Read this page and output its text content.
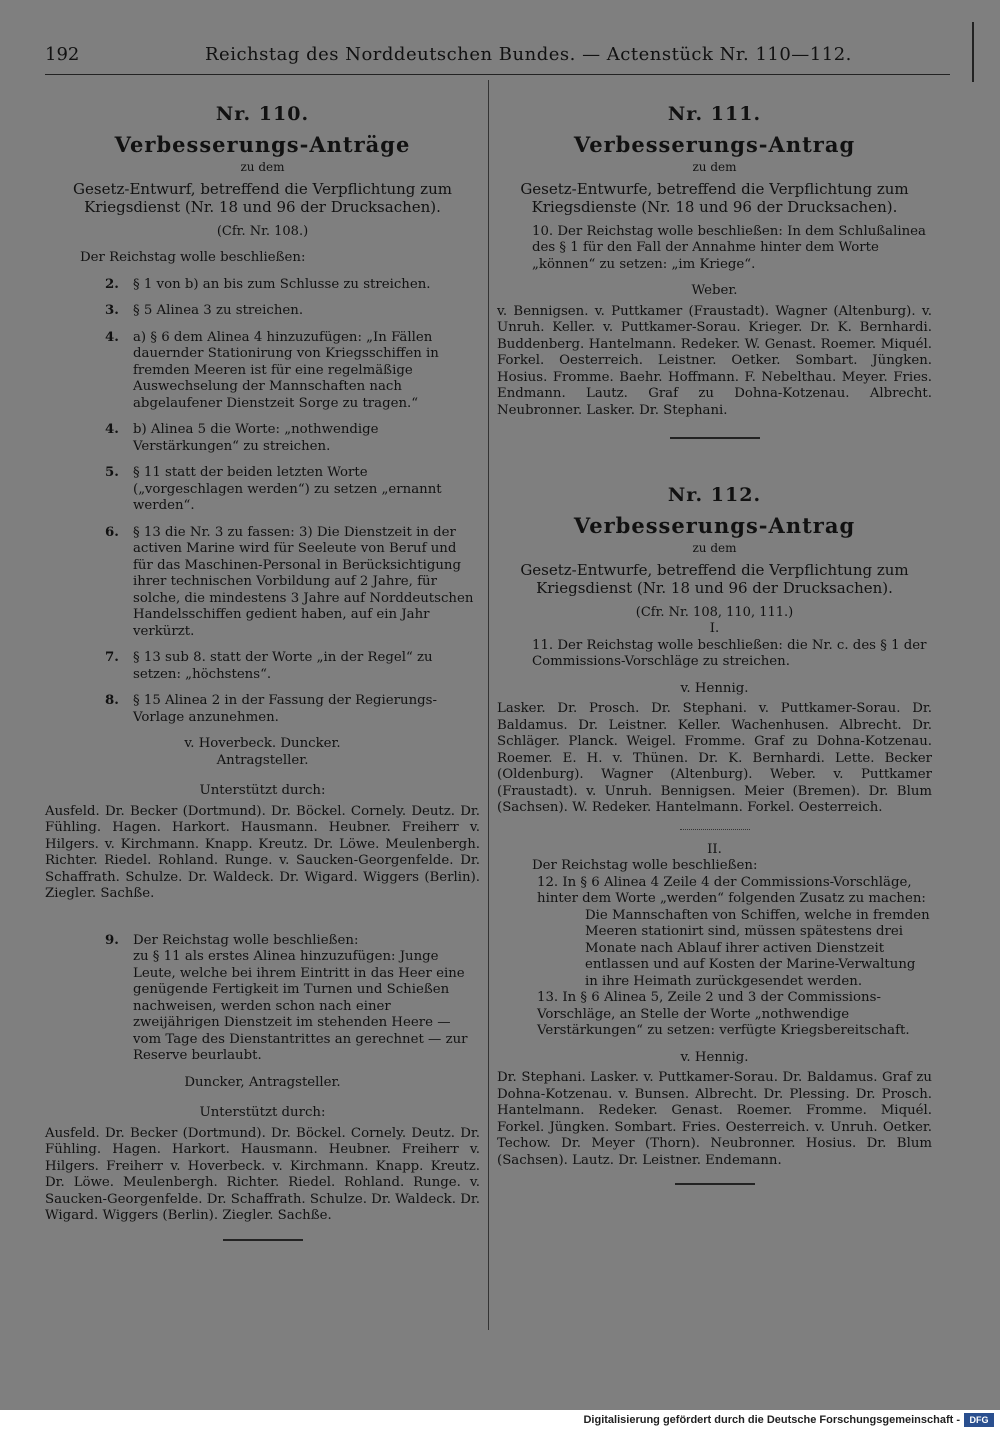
192	Reichstag des Norddeutschen Bundes. — Actenstück Nr. 110—112.
Nr. 110.
Verbesserungs-Anträge
zu dem
Gesetz-Entwurf, betreffend die Verpflichtung zum Kriegsdienst (Nr. 18 und 96 der Drucksachen).
(Cfr. Nr. 108.)
Der Reichstag wolle beschließen:
2. § 1 von b) an bis zum Schlusse zu streichen.
3. § 5 Alinea 3 zu streichen.
4. a) § 6 dem Alinea 4 hinzuzufügen: „In Fällen dauernder Stationirung von Kriegsschiffen in fremden Meeren ist für eine regelmäßige Auswechselung der Mannschaften nach abgelaufener Dienstzeit Sorge zu tragen.“
4. b) Alinea 5 die Worte: „nothwendige Verstärkungen“ zu streichen.
5. § 11 statt der beiden letzten Worte („vorgeschlagen werden“) zu setzen „ernannt werden“.
6. § 13 die Nr. 3 zu fassen: 3) Die Dienstzeit in der activen Marine wird für Seeleute von Beruf und für das Maschinen-Personal in Berücksichtigung ihrer technischen Vorbildung auf 2 Jahre, für solche, die mindestens 3 Jahre auf Norddeutschen Handelsschiffen gedient haben, auf ein Jahr verkürzt.
7. § 13 sub 8. statt der Worte „in der Regel“ zu setzen: „höchstens“.
8. § 15 Alinea 2 in der Fassung der Regierungs-Vorlage anzunehmen.
v. Hoverbeck. Duncker.
Antragsteller.
Unterstützt durch:
Ausfeld. Dr. Becker (Dortmund). Dr. Böckel. Cornely. Deutz. Dr. Fühling. Hagen. Harkort. Hausmann. Heubner. Freiherr v. Hilgers. v. Kirchmann. Knapp. Kreutz. Dr. Löwe. Meulenbergh. Richter. Riedel. Rohland. Runge. v. Saucken-Georgenfelde. Dr. Schaffrath. Schulze. Dr. Waldeck. Dr. Wigard. Wiggers (Berlin). Ziegler. Sachße.
9. Der Reichstag wolle beschließen:
zu § 11 als erstes Alinea hinzuzufügen: Junge Leute, welche bei ihrem Eintritt in das Heer eine genügende Fertigkeit im Turnen und Schießen nachweisen, werden schon nach einer zweijährigen Dienstzeit im stehenden Heere — vom Tage des Dienstantrittes an gerechnet — zur Reserve beurlaubt.
Duncker, Antragsteller.
Unterstützt durch:
Ausfeld. Dr. Becker (Dortmund). Dr. Böckel. Cornely. Deutz. Dr. Fühling. Hagen. Harkort. Hausmann. Heubner. Freiherr v. Hilgers. Freiherr v. Hoverbeck. v. Kirchmann. Knapp. Kreutz. Dr. Löwe. Meulenbergh. Richter. Riedel. Rohland. Runge. v. Saucken-Georgenfelde. Dr. Schaffrath. Schulze. Dr. Waldeck. Dr. Wigard. Wiggers (Berlin). Ziegler. Sachße.
Nr. 111.
Verbesserungs-Antrag
zu dem
Gesetz-Entwurfe, betreffend die Verpflichtung zum Kriegsdienste (Nr. 18 und 96 der Drucksachen).
10. Der Reichstag wolle beschließen: In dem Schlußalinea des § 1 für den Fall der Annahme hinter dem Worte „können“ zu setzen: „im Kriege“.
Weber.
v. Bennigsen. v. Puttkamer (Fraustadt). Wagner (Altenburg). v. Unruh. Keller. v. Puttkamer-Sorau. Krieger. Dr. K. Bernhardi. Buddenberg. Hantelmann. Redeker. W. Genast. Roemer. Miquél. Forkel. Oesterreich. Leistner. Oetker. Sombart. Jüngken. Hosius. Fromme. Baehr. Hoffmann. F. Nebelthau. Meyer. Fries. Endmann. Lautz. Graf zu Dohna-Kotzenau. Albrecht. Neubronner. Lasker. Dr. Stephani.
Nr. 112.
Verbesserungs-Antrag
zu dem
Gesetz-Entwurfe, betreffend die Verpflichtung zum Kriegsdienst (Nr. 18 und 96 der Drucksachen).
(Cfr. Nr. 108, 110, 111.)
I.
11. Der Reichstag wolle beschließen: die Nr. c. des § 1 der Commissions-Vorschläge zu streichen.
v. Hennig.
Lasker. Dr. Prosch. Dr. Stephani. v. Puttkamer-Sorau. Dr. Baldamus. Dr. Leistner. Keller. Wachenhusen. Albrecht. Dr. Schläger. Planck. Weigel. Fromme. Graf zu Dohna-Kotzenau. Roemer. E. H. v. Thünen. Dr. K. Bernhardi. Lette. Becker (Oldenburg). Wagner (Altenburg). Weber. v. Puttkamer (Fraustadt). v. Unruh. Bennigsen. Meier (Bremen). Dr. Blum (Sachsen). W. Redeker. Hantelmann. Forkel. Oesterreich.
II.
Der Reichstag wolle beschließen:
12. In § 6 Alinea 4 Zeile 4 der Commissions-Vorschläge, hinter dem Worte „werden“ folgenden Zusatz zu machen:
Die Mannschaften von Schiffen, welche in fremden Meeren stationirt sind, müssen spätestens drei Monate nach Ablauf ihrer activen Dienstzeit entlassen und auf Kosten der Marine-Verwaltung in ihre Heimath zurückgesendet werden.
13. In § 6 Alinea 5, Zeile 2 und 3 der Commissions-Vorschläge, an Stelle der Worte „nothwendige Verstärkungen“ zu setzen: verfügte Kriegsbereitschaft.
v. Hennig.
Dr. Stephani. Lasker. v. Puttkamer-Sorau. Dr. Baldamus. Graf zu Dohna-Kotzenau. v. Bunsen. Albrecht. Dr. Plessing. Dr. Prosch. Hantelmann. Redeker. Genast. Roemer. Fromme. Miquél. Forkel. Jüngken. Sombart. Fries. Oesterreich. v. Unruh. Oetker. Techow. Dr. Meyer (Thorn). Neubronner. Hosius. Dr. Blum (Sachsen). Lautz. Dr. Leistner. Endemann.
Digitalisierung gefördert durch die Deutsche Forschungsgemeinschaft -	DFG
